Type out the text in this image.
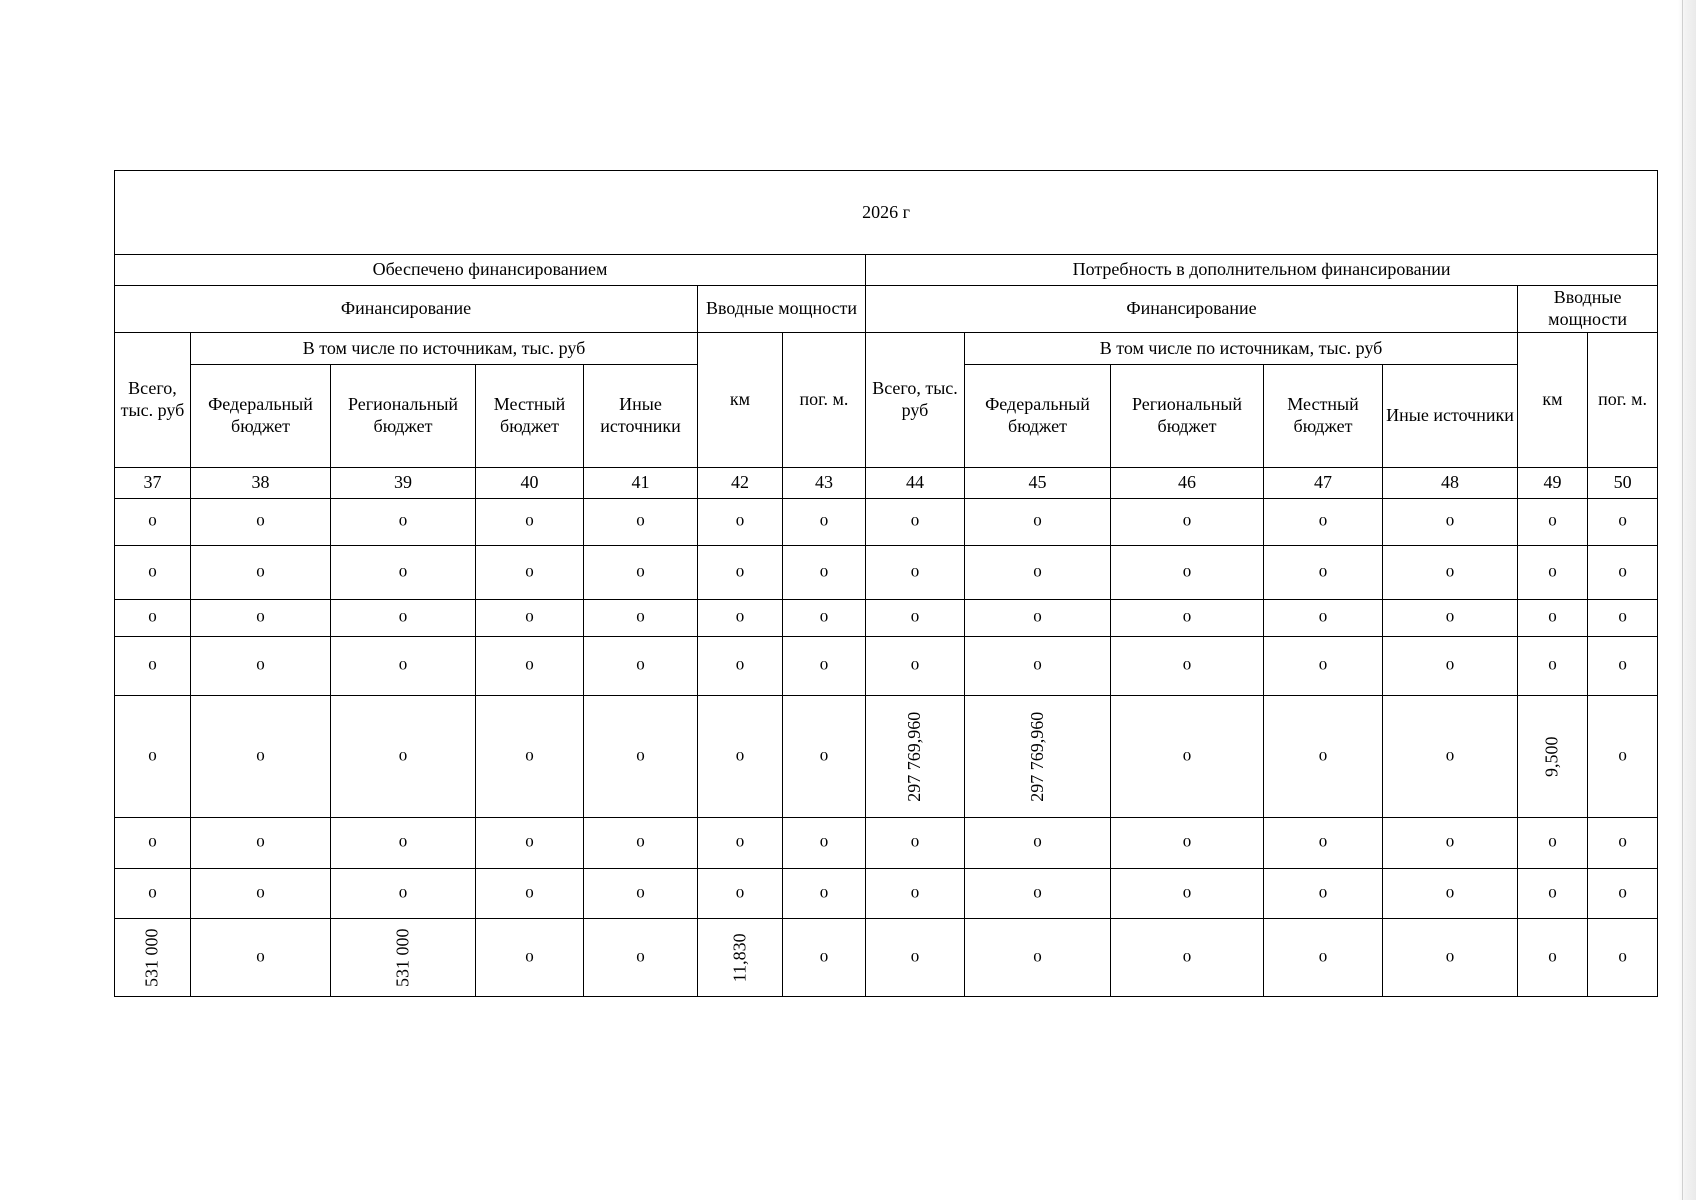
2026 г													
Обеспечено финансированием							Потребность в дополнительном финансировании						
Финансирование					Вводные мощности		Финансирование					Вводные мощности	
Всего, тыс. руб	В том числе по источникам, тыс. руб				км	пог. м.	Всего, тыс. руб	В том числе по источникам, тыс. руб				км	пог. м.
	Федеральный бюджет	Региональный бюджет	Местный бюджет	Иные источники				Федеральный бюджет	Региональный бюджет	Местный бюджет	Иные источники		
37	38	39	40	41	42	43	44	45	46	47	48	49	50
0	0	0	0	0	0	0	0	0	0	0	0	0	0
0	0	0	0	0	0	0	0	0	0	0	0	0	0
0	0	0	0	0	0	0	0	0	0	0	0	0	0
0	0	0	0	0	0	0	0	0	0	0	0	0	0
0	0	0	0	0	0	0	297 769,960	297 769,960	0	0	0	9,500	0
0	0	0	0	0	0	0	0	0	0	0	0	0	0
0	0	0	0	0	0	0	0	0	0	0	0	0	0
531 000	0	531 000	0	0	11,830	0	0	0	0	0	0	0	0
